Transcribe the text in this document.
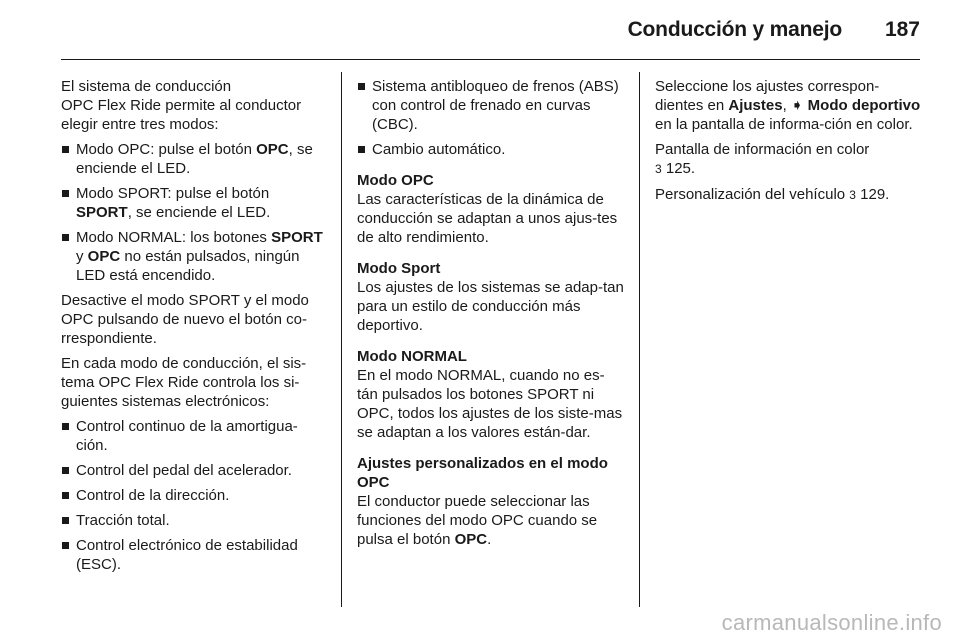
Conducción y manejo 187

El sistema de conducción
OPC Flex Ride permite al conductor
elegir entre tres modos:

Modo OPC: pulse el botón OPC, se enciende el LED.
Modo SPORT: pulse el botón SPORT, se enciende el LED.
Modo NORMAL: los botones SPORT y OPC no están pulsados, ningún LED está encendido.

Desactive el modo SPORT y el modo OPC pulsando de nuevo el botón co-rrespondiente.

En cada modo de conducción, el sis-tema OPC Flex Ride controla los si-guientes sistemas electrónicos:

Control continuo de la amortigua-ción.
Control del pedal del acelerador.
Control de la dirección.
Tracción total.
Control electrónico de estabilidad (ESC).
Sistema antibloqueo de frenos (ABS) con control de frenado en curvas (CBC).
Cambio automático.
Modo OPC

Las características de la dinámica de conducción se adaptan a unos ajus-tes de alto rendimiento.

Modo Sport

Los ajustes de los sistemas se adap-tan para un estilo de conducción más deportivo.

Modo NORMAL

En el modo NORMAL, cuando no es-tán pulsados los botones SPORT ni OPC, todos los ajustes de los siste-mas se adaptan a los valores están-dar.

Ajustes personalizados en el modo OPC

El conductor puede seleccionar las funciones del modo OPC cuando se pulsa el botón OPC.

Seleccione los ajustes correspon-dientes en Ajustes, ➧ Modo deportivo en la pantalla de informa-ción en color.

Pantalla de información en color
3 125.

Personalización del vehículo 3 129.

carmanualsonline.info
